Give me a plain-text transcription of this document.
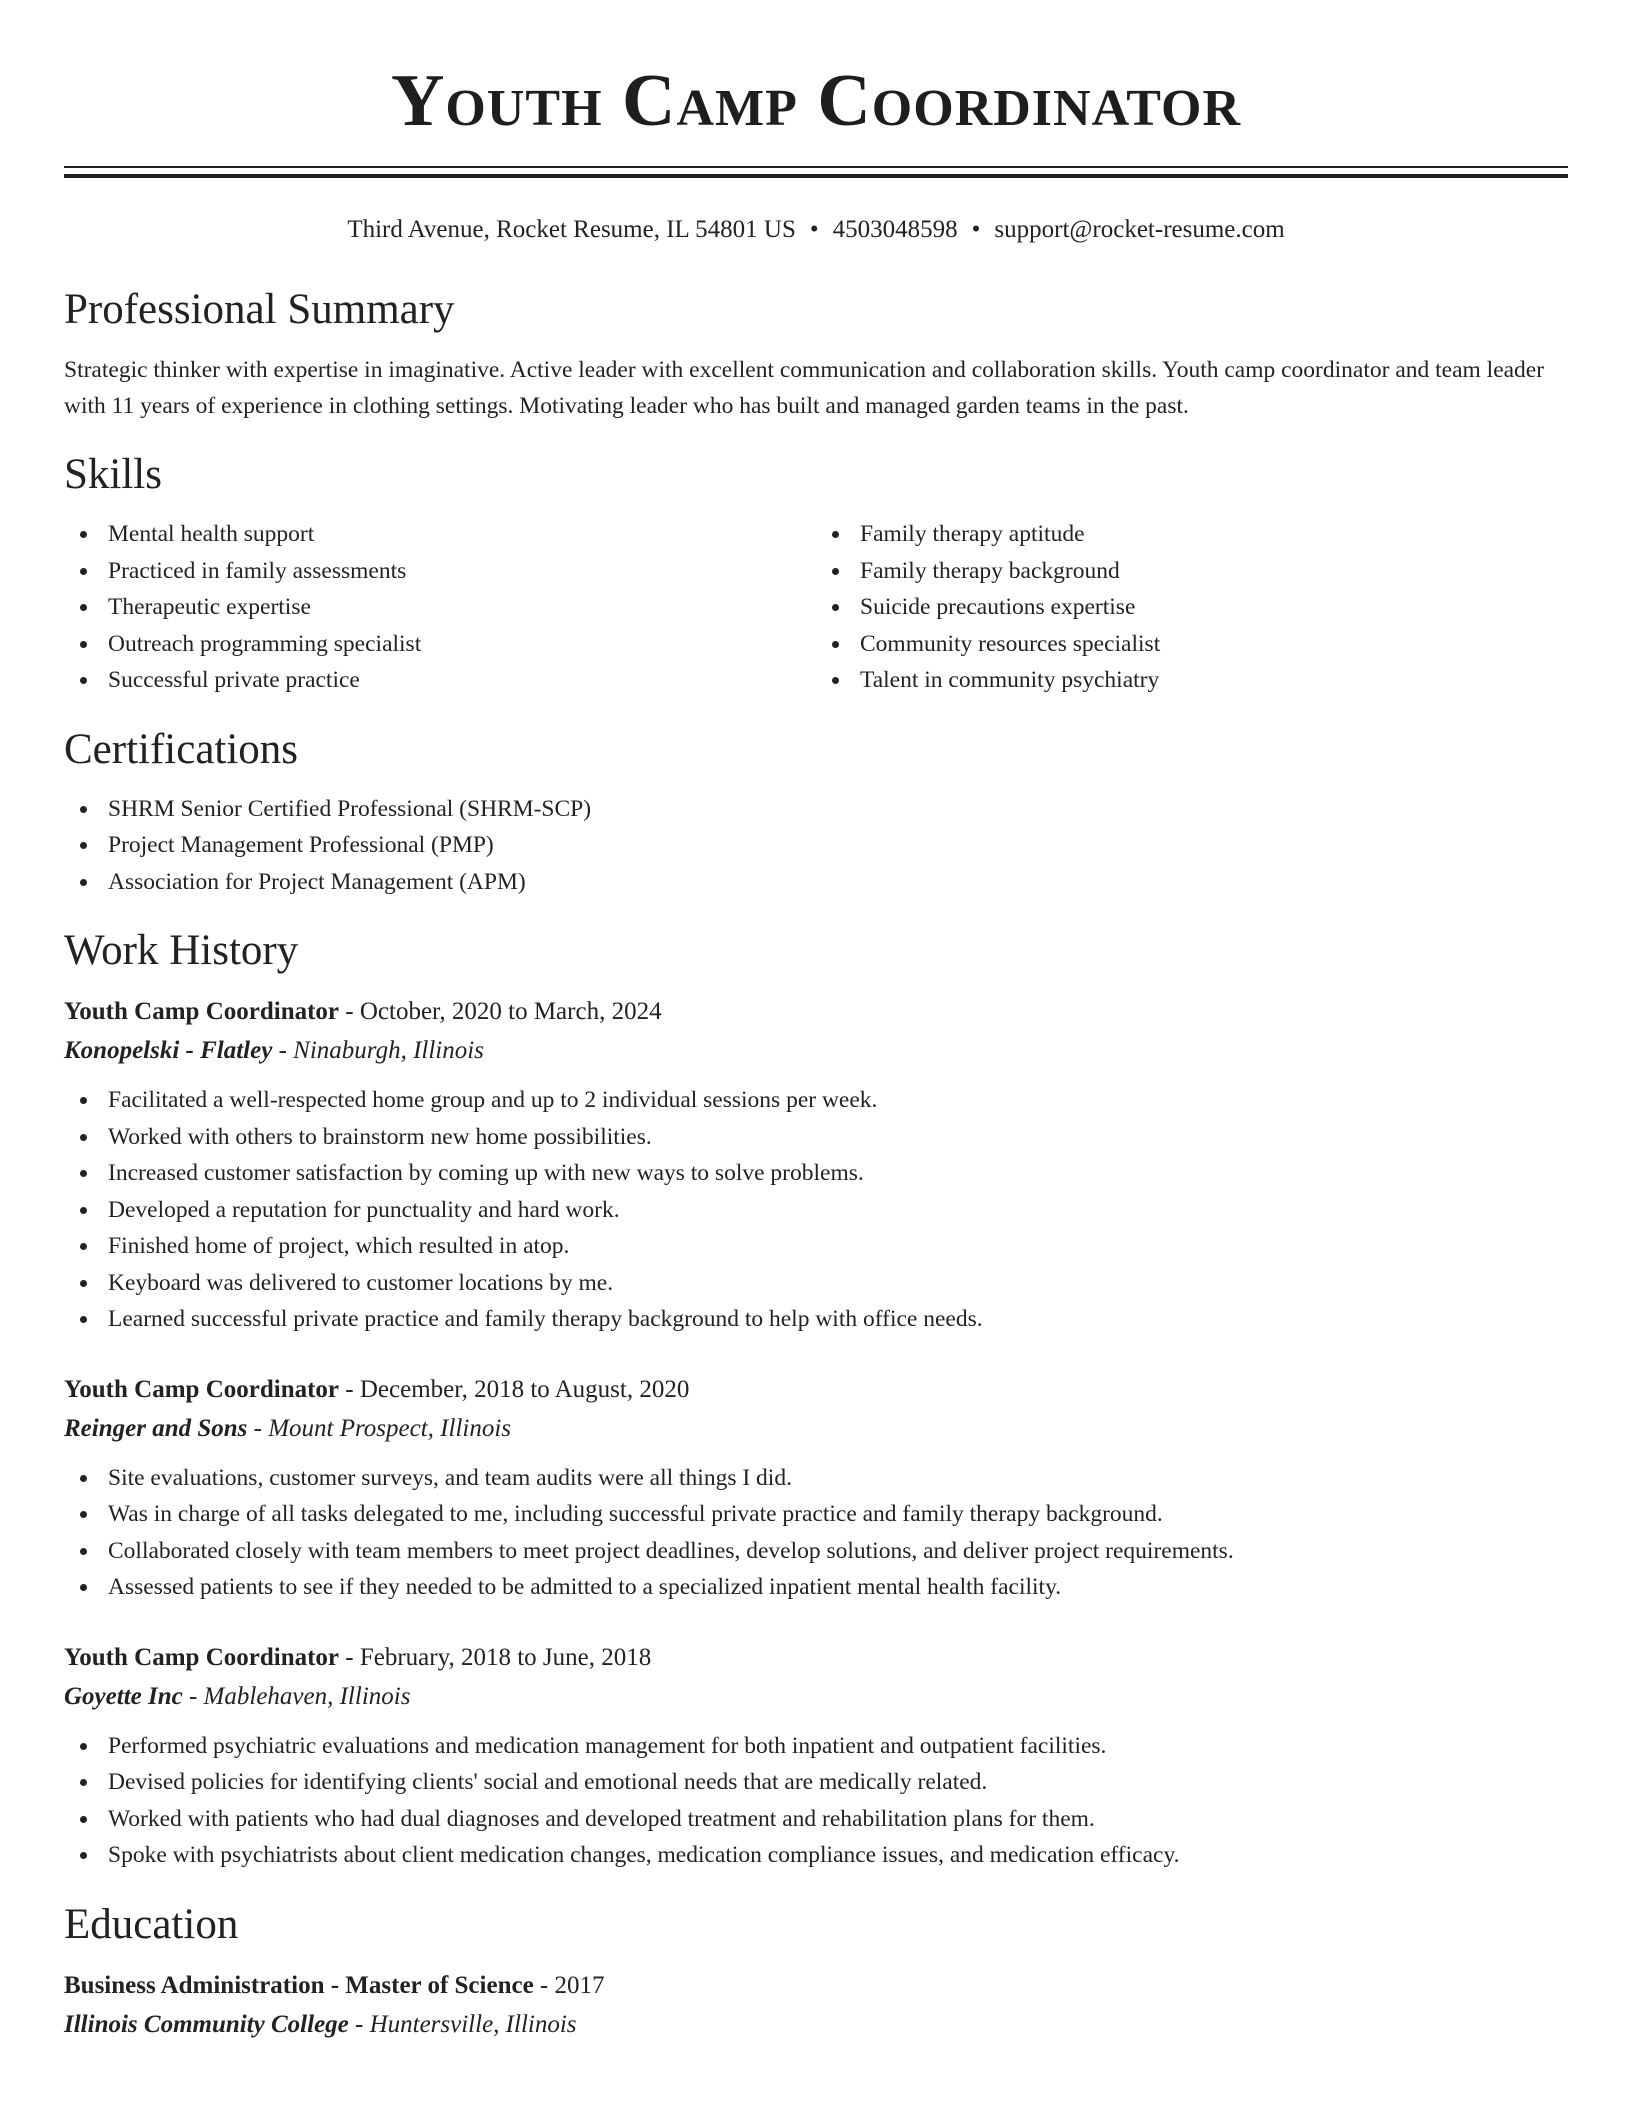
Youth Camp Coordinator
Third Avenue, Rocket Resume, IL 54801 US • 4503048598 • support@rocket-resume.com
Professional Summary

Strategic thinker with expertise in imaginative. Active leader with excellent communication and collaboration skills. Youth camp coordinator and team leader with 11 years of experience in clothing settings. Motivating leader who has built and managed garden teams in the past.

Skills
Mental health support
Practiced in family assessments
Therapeutic expertise
Outreach programming specialist
Successful private practice
Family therapy aptitude
Family therapy background
Suicide precautions expertise
Community resources specialist
Talent in community psychiatry
Certifications
SHRM Senior Certified Professional (SHRM-SCP)
Project Management Professional (PMP)
Association for Project Management (APM)
Work History
Youth Camp Coordinator - October, 2020 to March, 2024
Konopelski - Flatley - Ninaburgh, Illinois
Facilitated a well-respected home group and up to 2 individual sessions per week.
Worked with others to brainstorm new home possibilities.
Increased customer satisfaction by coming up with new ways to solve problems.
Developed a reputation for punctuality and hard work.
Finished home of project, which resulted in atop.
Keyboard was delivered to customer locations by me.
Learned successful private practice and family therapy background to help with office needs.
Youth Camp Coordinator - December, 2018 to August, 2020
Reinger and Sons - Mount Prospect, Illinois
Site evaluations, customer surveys, and team audits were all things I did.
Was in charge of all tasks delegated to me, including successful private practice and family therapy background.
Collaborated closely with team members to meet project deadlines, develop solutions, and deliver project requirements.
Assessed patients to see if they needed to be admitted to a specialized inpatient mental health facility.
Youth Camp Coordinator - February, 2018 to June, 2018
Goyette Inc - Mablehaven, Illinois
Performed psychiatric evaluations and medication management for both inpatient and outpatient facilities.
Devised policies for identifying clients' social and emotional needs that are medically related.
Worked with patients who had dual diagnoses and developed treatment and rehabilitation plans for them.
Spoke with psychiatrists about client medication changes, medication compliance issues, and medication efficacy.
Education
Business Administration - Master of Science - 2017
Illinois Community College - Huntersville, Illinois
